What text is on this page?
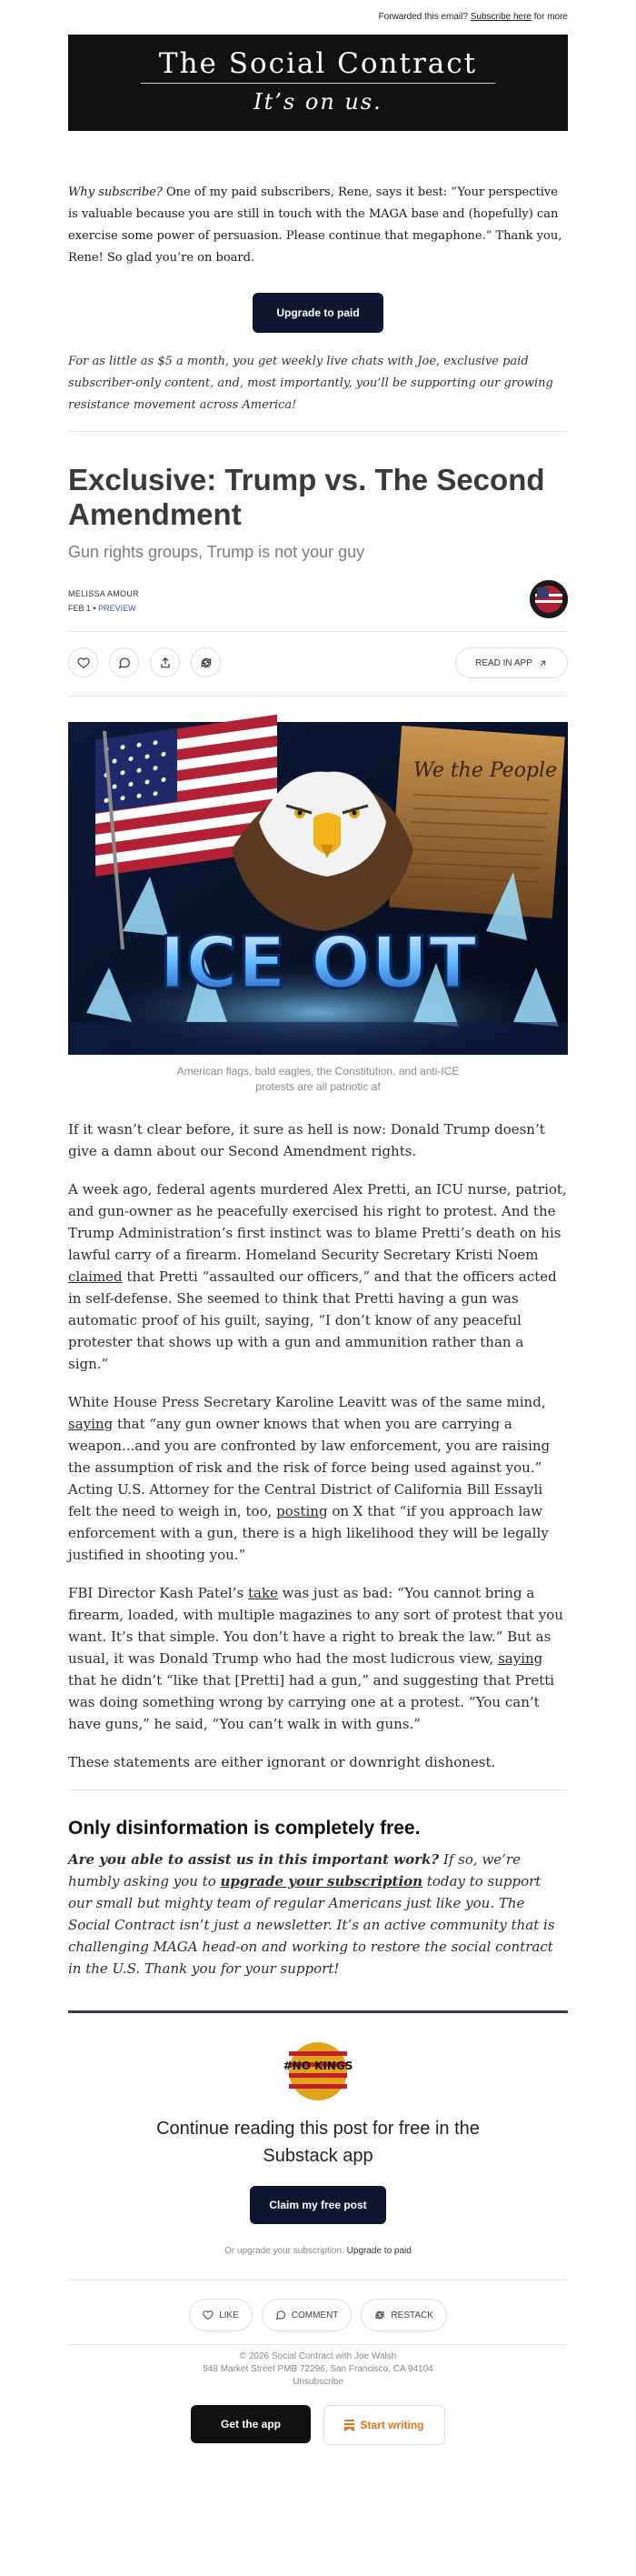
Forwarded this email? Subscribe here for more
The Social Contract
It’s on us.
Why subscribe? One of my paid subscribers, Rene, says it best: “Your perspective is valuable because you are still in touch with the MAGA base and (hopefully) can exercise some power of persuasion. Please continue that megaphone.” Thank you, Rene! So glad you’re on board.
Upgrade to paid
For as little as $5 a month, you get weekly live chats with Joe, exclusive paid subscriber-only content, and, most importantly, you’ll be supporting our growing resistance movement across America!
Exclusive: Trump vs. The Second Amendment
Gun rights groups, Trump is not your guy
MELISSA AMOUR
FEB 1 • PREVIEW
READ IN APP
We the People
ICE OUT
American flags, bald eagles, the Constitution, and anti-ICE protests are all patriotic af

If it wasn’t clear before, it sure as hell is now: Donald Trump doesn’t give a damn about our Second Amendment rights.

A week ago, federal agents murdered Alex Pretti, an ICU nurse, patriot, and gun-owner as he peacefully exercised his right to protest. And the Trump Administration’s first instinct was to blame Pretti’s death on his lawful carry of a firearm. Homeland Security Secretary Kristi Noem claimed that Pretti “assaulted our officers,” and that the officers acted in self-defense. She seemed to think that Pretti having a gun was automatic proof of his guilt, saying, “I don’t know of any peaceful protester that shows up with a gun and ammunition rather than a sign.”

White House Press Secretary Karoline Leavitt was of the same mind, saying that “any gun owner knows that when you are carrying a weapon...and you are confronted by law enforcement, you are raising the assumption of risk and the risk of force being used against you.” Acting U.S. Attorney for the Central District of California Bill Essayli felt the need to weigh in, too, posting on X that “if you approach law enforcement with a gun, there is a high likelihood they will be legally justified in shooting you.”

FBI Director Kash Patel’s take was just as bad: “You cannot bring a firearm, loaded, with multiple magazines to any sort of protest that you want. It’s that simple. You don’t have a right to break the law.” But as usual, it was Donald Trump who had the most ludicrous view, saying that he didn’t “like that [Pretti] had a gun,” and suggesting that Pretti was doing something wrong by carrying one at a protest. “You can’t have guns,” he said, “You can’t walk in with guns.”

These statements are either ignorant or downright dishonest.

Only disinformation is completely free.
Are you able to assist us in this important work? If so, we’re humbly asking you to upgrade your subscription today to support our small but mighty team of regular Americans just like you. The Social Contract isn’t just a newsletter. It’s an active community that is challenging MAGA head-on and working to restore the social contract in the U.S. Thank you for your support!
#NO KINGS
Continue reading this post for free in the Substack app
Claim my free post
Or upgrade your subscription. Upgrade to paid
LIKE	COMMENT	RESTACK
© 2026 Social Contract with Joe Walsh
548 Market Street PMB 72296, San Francisco, CA 94104
Unsubscribe
Get the app	Start writing
